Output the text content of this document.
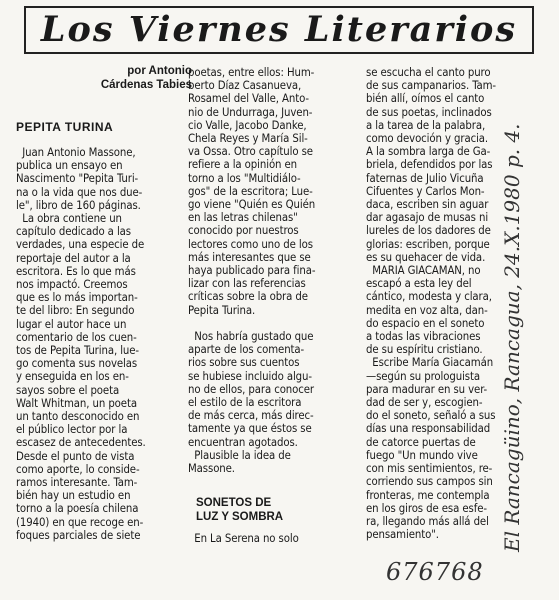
Los Viernes Literarios
por Antonio
Cárdenas Tabies
PEPITA TURINA
Juan Antonio Massone,
publica un ensayo en
Nascimento "Pepita Turi-
na o la vida que nos due-
le", libro de 160 páginas.
La obra contiene un
capítulo dedicado a las
verdades, una especie de
reportaje del autor a la
escritora. Es lo que más
nos impactó. Creemos
que es lo más importan-
te del libro: En segundo
lugar el autor hace un
comentario de los cuen-
tos de Pepita Turina, lue-
go comenta sus novelas
y enseguida en los en-
sayos sobre el poeta
Walt Whitman, un poeta
un tanto desconocido en
el público lector por la
escasez de antecedentes.
Desde el punto de vista
como aporte, lo conside-
ramos interesante. Tam-
bién hay un estudio en
torno a la poesía chilena
(1940) en que recoge en-
foques parciales de siete
poetas, entre ellos: Hum-
berto Díaz Casanueva,
Rosamel del Valle, Anto-
nio de Undurraga, Juven-
cio Valle, Jacobo Danke,
Chela Reyes y María Sil-
va Ossa. Otro capítulo se
refiere a la opinión en
torno a los "Multidiálo-
gos" de la escritora; Lue-
go viene "Quién es Quién
en las letras chilenas"
conocido por nuestros
lectores como uno de los
más interesantes que se
haya publicado para fina-
lizar con las referencias
críticas sobre la obra de
Pepita Turina.

Nos habría gustado que
aparte de los comenta-
rios sobre sus cuentos
se hubiese incluido algu-
no de ellos, para conocer
el estilo de la escritora
de más cerca, más direc-
tamente ya que éstos se
encuentran agotados.
Plausible la idea de
Massone.
SONETOS DE
LUZ Y SOMBRA
En La Serena no solo
se escucha el canto puro
de sus campanarios. Tam-
bién allí, oímos el canto
de sus poetas, inclinados
a la tarea de la palabra,
como devoción y gracia.
A la sombra larga de Ga-
briela, defendidos por las
faternas de Julio Vicuña
Cifuentes y Carlos Mon-
daca, escriben sin aguar
dar agasajo de musas ni
lureles de los dadores de
glorias: escriben, porque
es su quehacer de vida.
MARIA GIACAMAN, no
escapó a esta ley del
cántico, modesta y clara,
medita en voz alta, dan-
do espacio en el soneto
a todas las vibraciones
de su espíritu cristiano.
Escribe María Giacamán
—según su prologuista
para madurar en su ver-
dad de ser y, escogien-
do el soneto, señaló a sus
días una responsabilidad
de catorce puertas de
fuego "Un mundo vive
con mis sentimientos, re-
corriendo sus campos sin
fronteras, me contempla
en los giros de esa esfe-
ra, llegando más allá del
pensamiento".	El Rancagüino, Rancagua, 24.X.1980 p. 4.
676768
